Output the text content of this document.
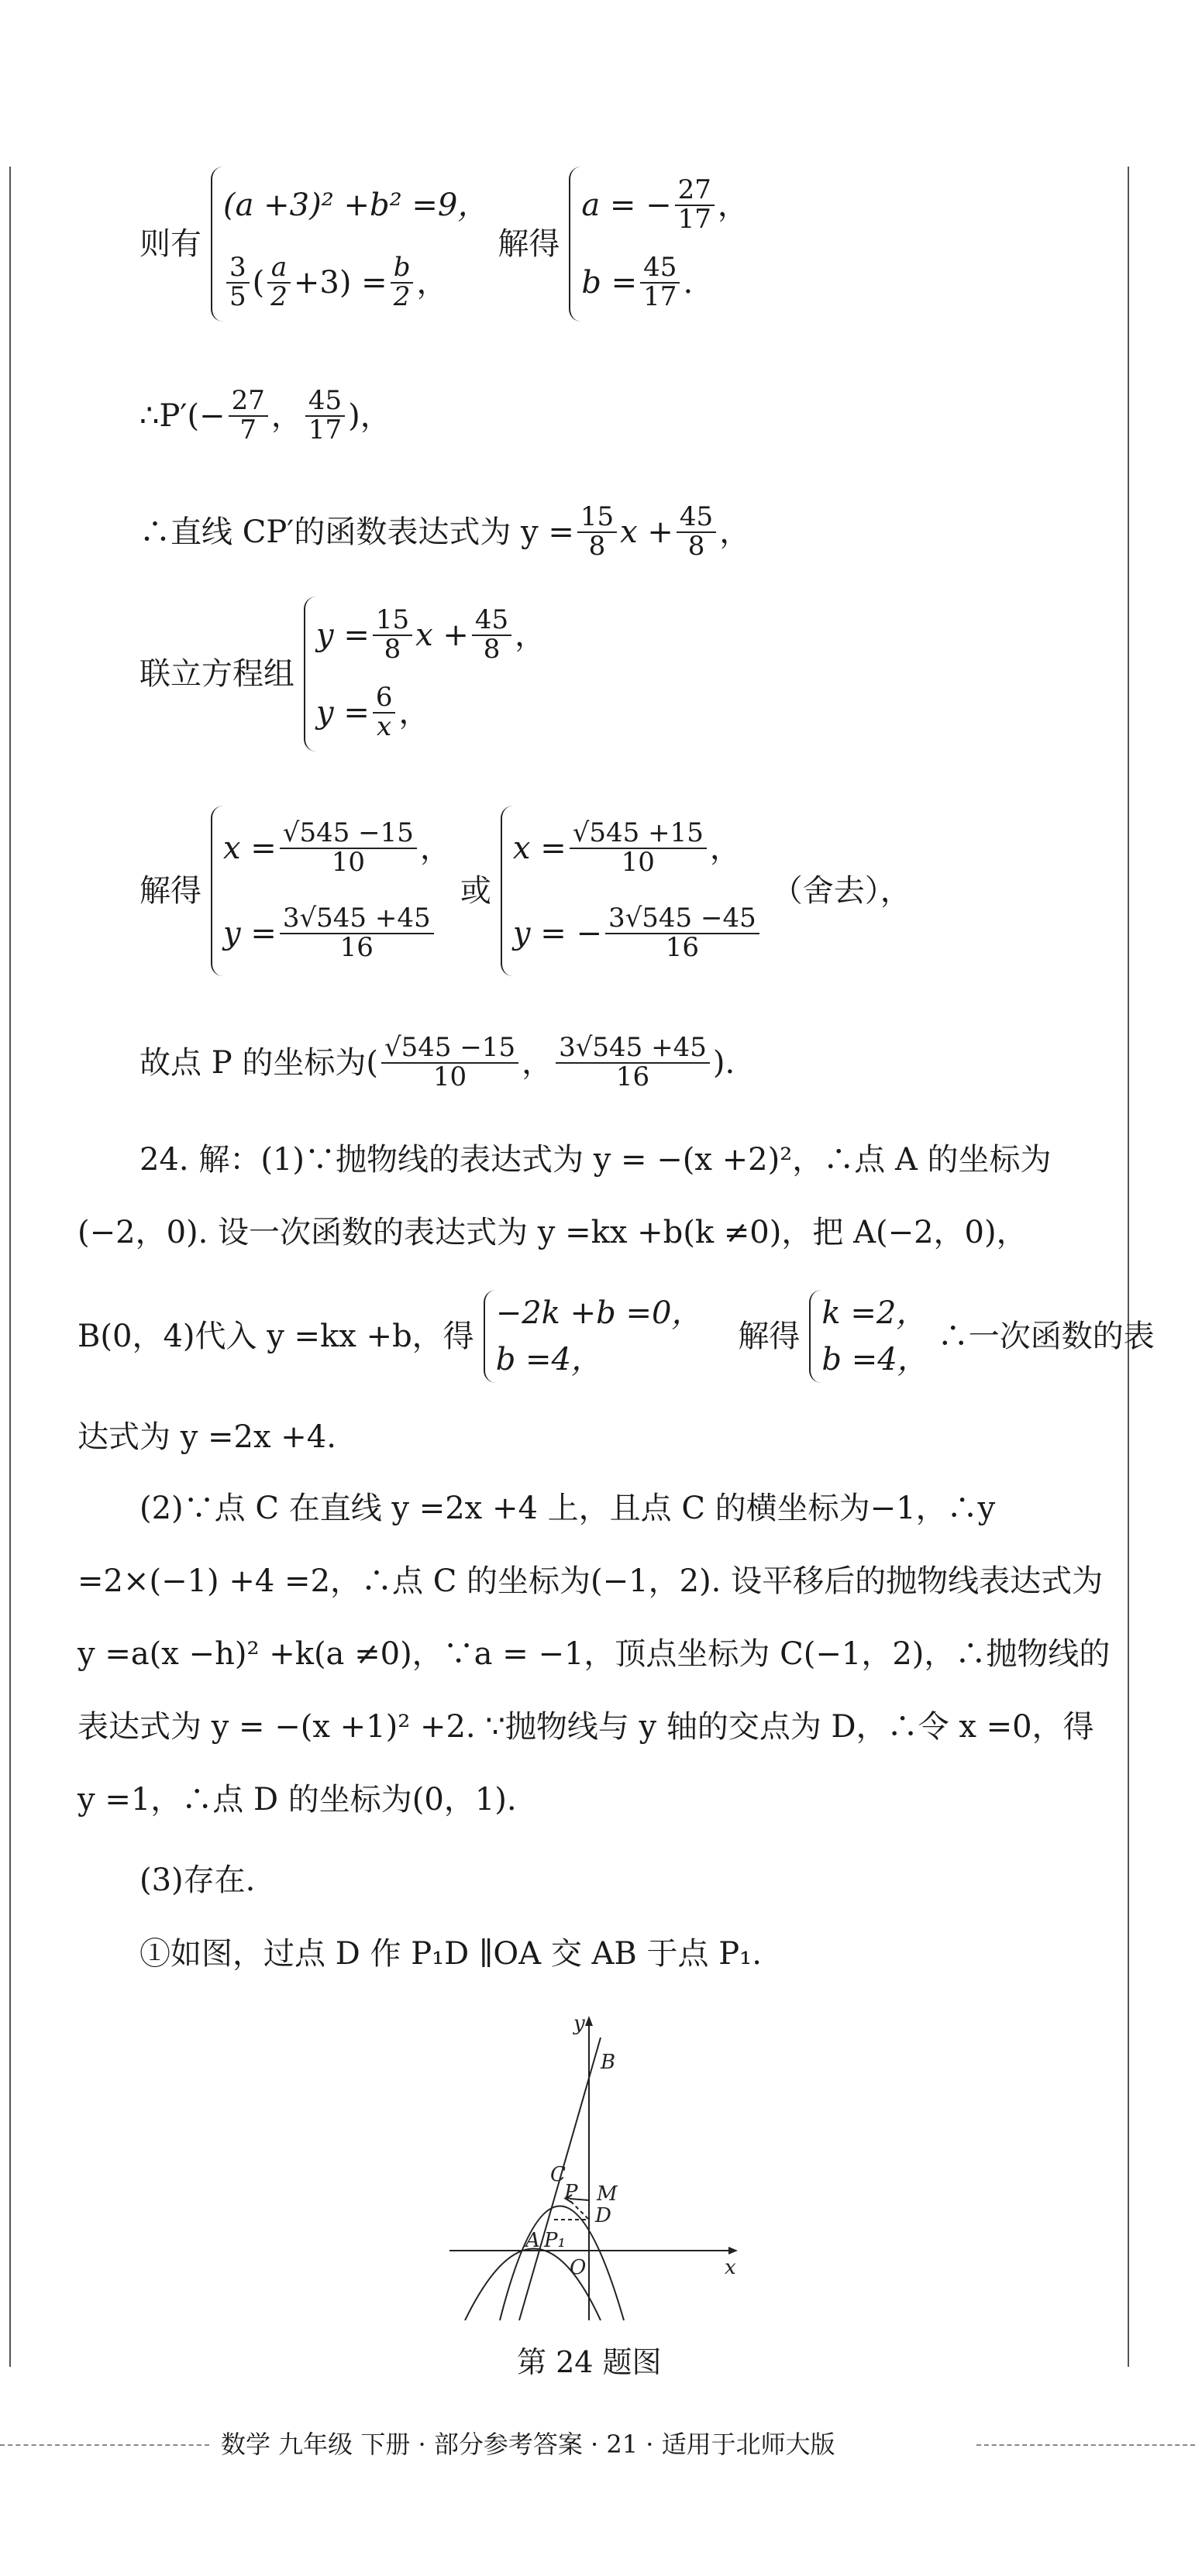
则有
(a +3)² +b² =9，
$\frac{3}{5}$ ( $\frac{a}{2} +3) = \frac{b}{2}$ ，
解得
a = − $\frac{27}{17}$ ，
$b = \frac{45}{17}$ .
∴P′(− $\frac{27}{7}$ ， $\frac{45}{17}$ )，
∴直线 CP′的函数表达式为 $y = \frac{15}{8}$ $x + \frac{45}{8}$ ，
联立方程组
$y = \frac{15}{8}$ $x + \frac{45}{8}$ ，
$y = \frac{6}{x}$ ，
解得
$x = \frac{√545 -15}{10}$ ，
$y = \frac{3√545 +45}{16}$
或
$x = \frac{√545 +15}{10}$ ，
y = − $\frac{3√545 -45}{16}$
（舍去），
故点 P 的坐标为( $\frac{√545 -15}{10}$ ， $\frac{3√545 +45}{16}$ ).
24. 解：(1)∵抛物线的表达式为 y = −(x +2)²，∴点 A 的坐标为(−2，0). 设一次函数的表达式为 y =kx +b(k ≠0)，把 A(−2，0)，
B(0，4)代入 y =kx +b，得
−2k +b =0，
b =4，
解得
k =2，
b =4，
∴一次函数的表
达式为 y =2x +4.
(2)∵点 C 在直线 y =2x +4 上，且点 C 的横坐标为−1，∴y =2×(−1) +4 =2，∴点 C 的坐标为(−1，2). 设平移后的抛物线表达式为 y =a(x −h)² +k(a ≠0)，∵a = −1，顶点坐标为 C(−1，2)，∴抛物线的表达式为 y = −(x +1)² +2. ∵抛物线与 y 轴的交点为 D，∴令 x =0，得 y =1，∴点 D 的坐标为(0，1).
(3)存在.
①如图，过点 D 作 P₁D ∥OA 交 AB 于点 P₁.
y
x
B
C
P M
D
A P₁
O
第 24 题图
数学 九年级 下册 · 部分参考答案 · 21 · 适用于北师大版
